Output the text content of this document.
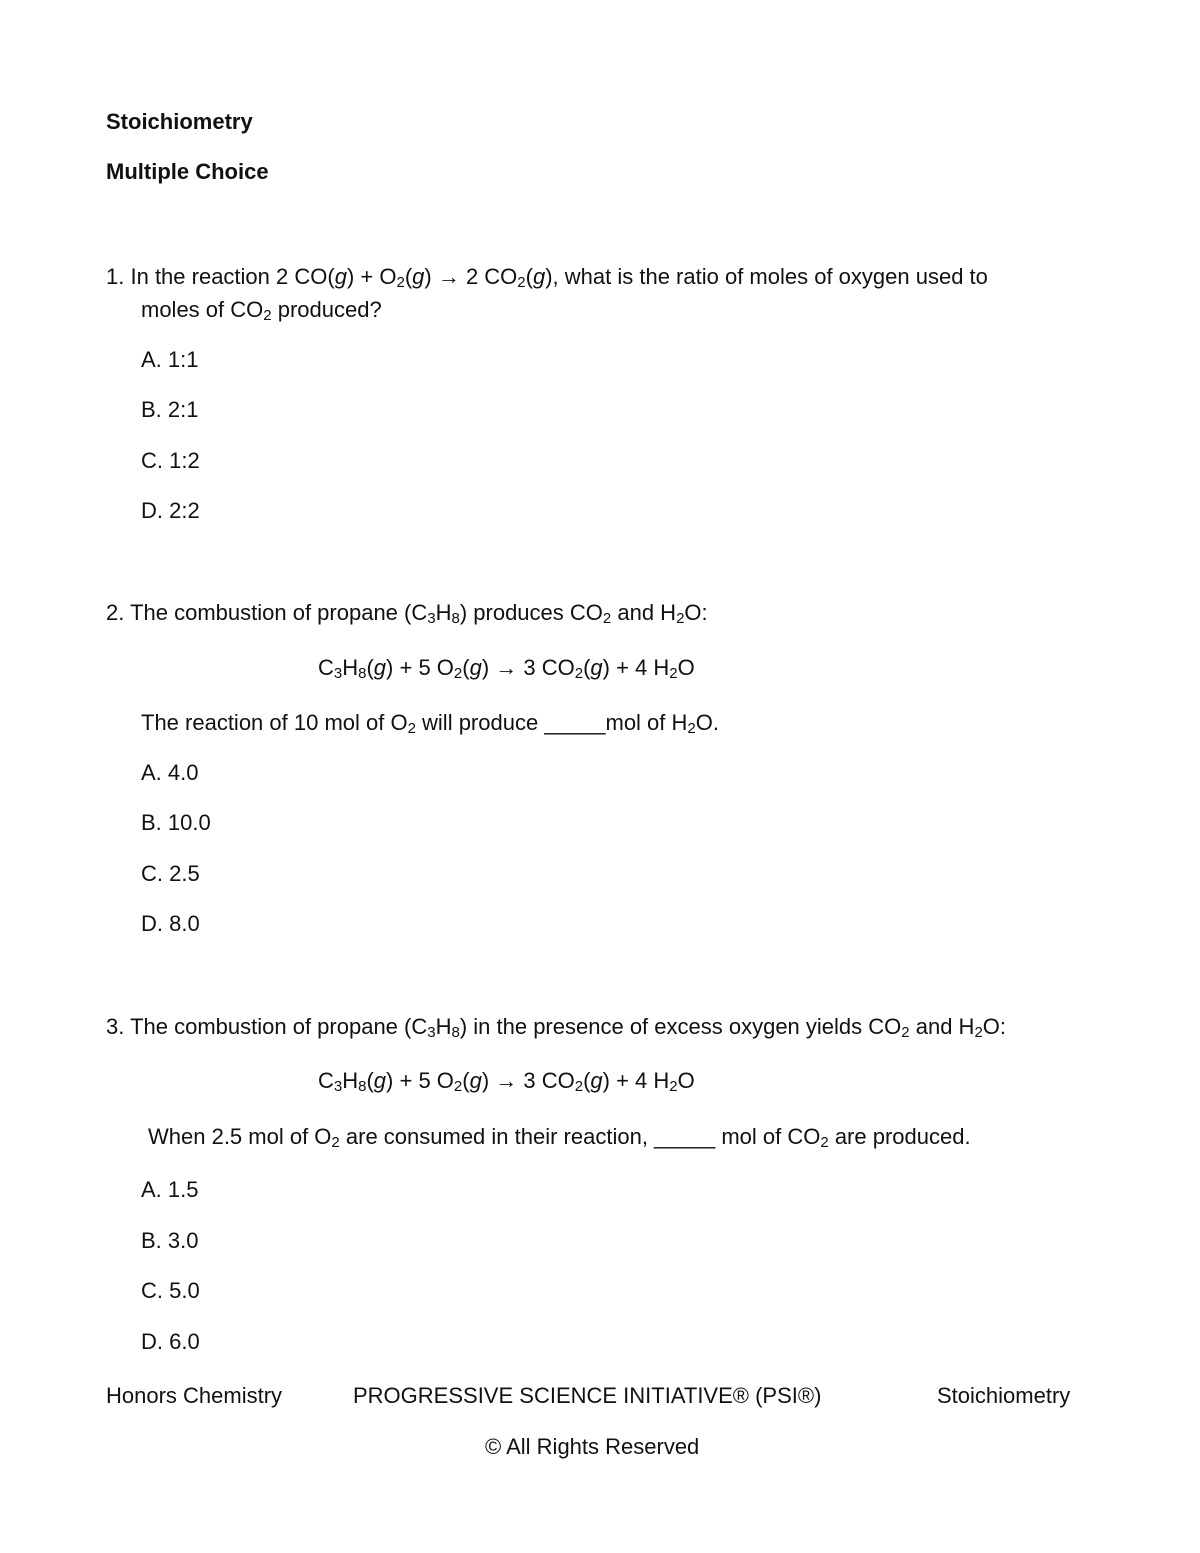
Stoichiometry
Multiple Choice
1. In the reaction 2 $CO(g) + O_2(g) \to 2$ $CO_2(g)$, what is the ratio of moles of oxygen used to
moles of $CO_2$ produced?
A. 1:1
B. 2:1
C. 1:2
D. 2:2
2. The combustion of propane $(C_3H_8)$ produces $CO_2$ and $H_2O$:
$C_3H_8(g) + 5$ $O_2(g) \to 3$ $CO_2(g) + 4$ $H_2O$
The reaction of 10 mol of $O_2$ will produce _____mol of $H_2O$.
A. 4.0
B. 10.0
C. 2.5
D. 8.0
3. The combustion of propane $(C_3H_8)$ in the presence of excess oxygen yields $CO_2$ and $H_2O$:
$C_3H_8(g) + 5$ $O_2(g) \to 3$ $CO_2(g) + 4$ $H_2O$
When 2.5 mol of $O_2$ are consumed in their reaction, _____ mol of $CO_2$ are produced.
A. 1.5
B. 3.0
C. 5.0
D. 6.0
Honors Chemistry	PROGRESSIVE SCIENCE INITIATIVE® (PSI®)	Stoichiometry
© All Rights Reserved
